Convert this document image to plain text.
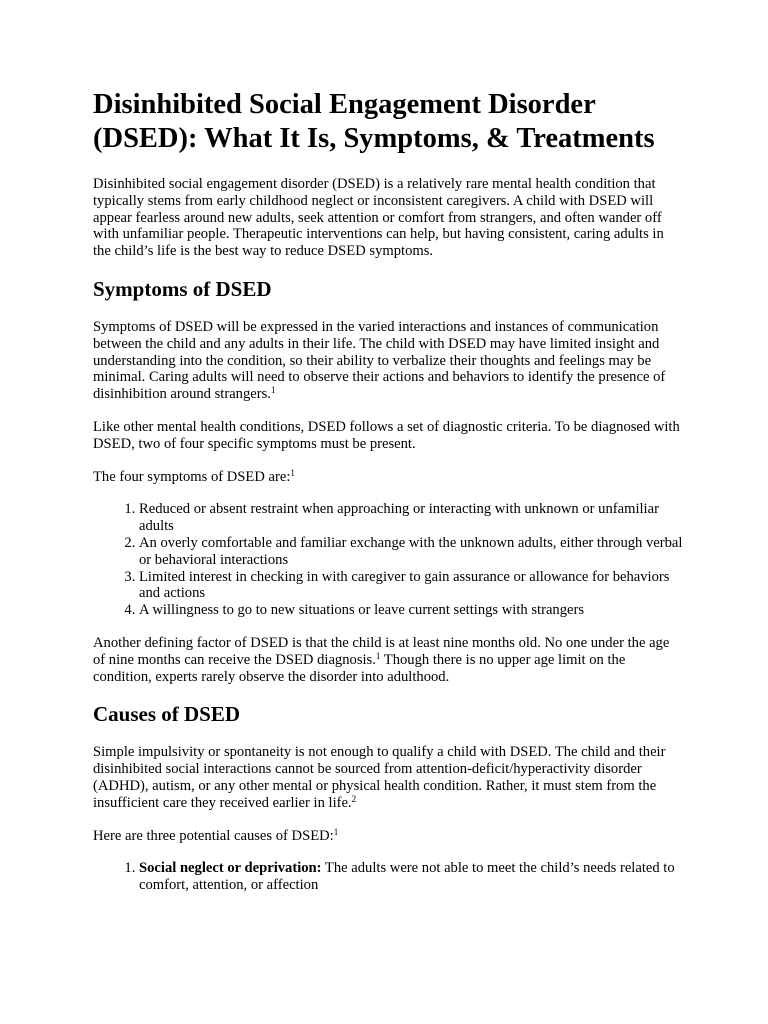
Disinhibited Social Engagement Disorder (DSED): What It Is, Symptoms, & Treatments

Disinhibited social engagement disorder (DSED) is a relatively rare mental health condition that typically stems from early childhood neglect or inconsistent caregivers. A child with DSED will appear fearless around new adults, seek attention or comfort from strangers, and often wander off with unfamiliar people. Therapeutic interventions can help, but having consistent, caring adults in the child’s life is the best way to reduce DSED symptoms.

Symptoms of DSED

Symptoms of DSED will be expressed in the varied interactions and instances of communication between the child and any adults in their life. The child with DSED may have limited insight and understanding into the condition, so their ability to verbalize their thoughts and feelings may be minimal. Caring adults will need to observe their actions and behaviors to identify the presence of disinhibition around strangers.$^1$

Like other mental health conditions, DSED follows a set of diagnostic criteria. To be diagnosed with DSED, two of four specific symptoms must be present.

The four symptoms of DSED are:$^1$

1. Reduced or absent restraint when approaching or interacting with unknown or unfamiliar adults
2. An overly comfortable and familiar exchange with the unknown adults, either through verbal or behavioral interactions
3. Limited interest in checking in with caregiver to gain assurance or allowance for behaviors and actions
4. A willingness to go to new situations or leave current settings with strangers

Another defining factor of DSED is that the child is at least nine months old. No one under the age of nine months can receive the DSED diagnosis.$^1$ Though there is no upper age limit on the condition, experts rarely observe the disorder into adulthood.

Causes of DSED

Simple impulsivity or spontaneity is not enough to qualify a child with DSED. The child and their disinhibited social interactions cannot be sourced from attention-deficit/hyperactivity disorder (ADHD), autism, or any other mental or physical health condition. Rather, it must stem from the insufficient care they received earlier in life.$^2$

Here are three potential causes of DSED:$^1$

1. Social neglect or deprivation: The adults were not able to meet the child’s needs related to comfort, attention, or affection
